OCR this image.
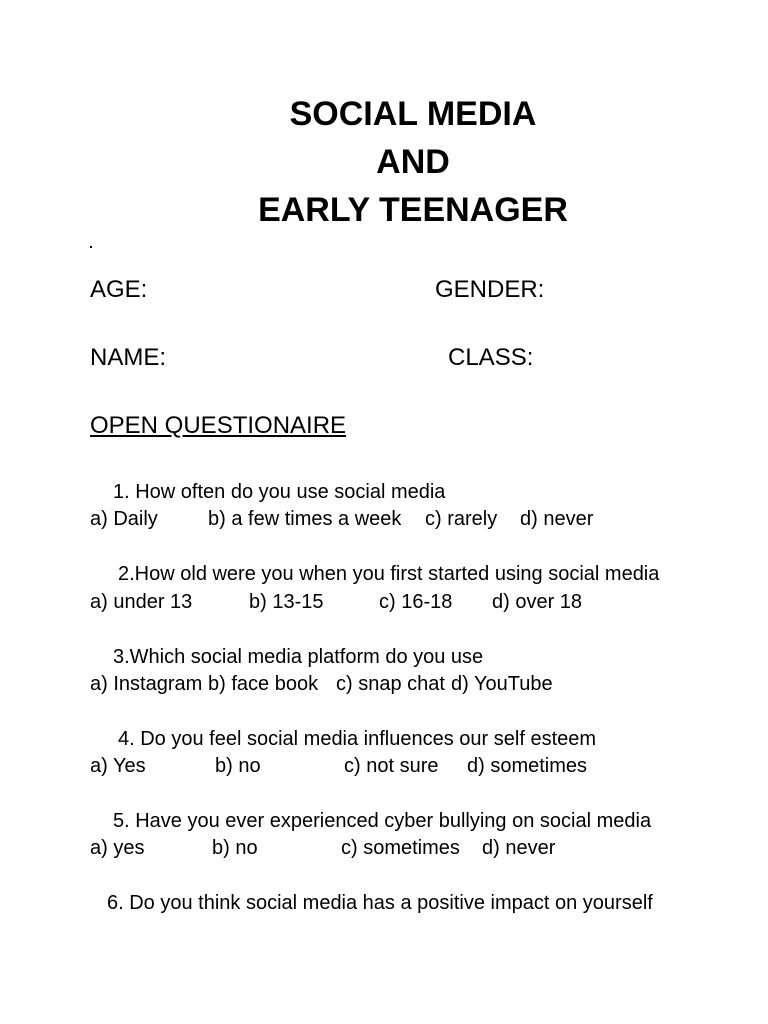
SOCIAL MEDIA
AND
EARLY TEENAGER
AGE:	GENDER:
NAME:	CLASS:
OPEN QUESTIONAIRE
1. How often do you use social media
a) Daily	b) a few times a week c) rarely d) never
2.How old were you when you first started using social media
a) under 13	b) 13-15	c) 16-18 d) over 18
3.Which social media platform do you use
a) Instagram b) face book c) snap chat d) YouTube
4. Do you feel social media influences our self esteem
a) Yes	b) no	c) not sure d) sometimes
5. Have you ever experienced cyber bullying on social media
a) yes	b) no	c) sometimes d) never
6. Do you think social media has a positive impact on yourself
